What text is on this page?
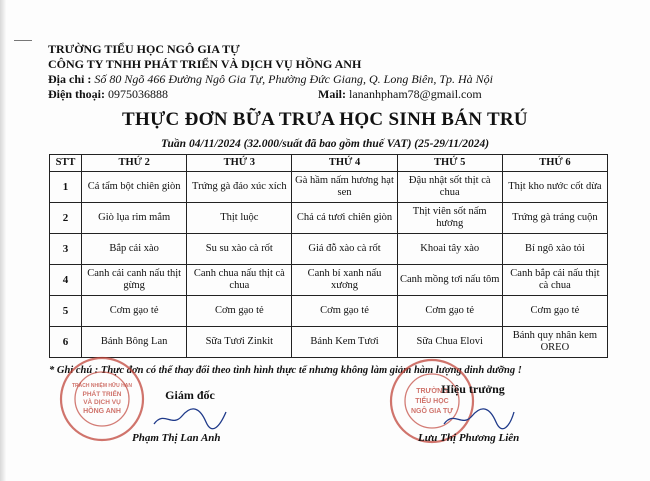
TRƯỜNG TIỂU HỌC NGÔ GIA TỰ
CÔNG TY TNHH PHÁT TRIỂN VÀ DỊCH VỤ HỒNG ANH
Địa chỉ : Số 80 Ngõ 466 Đường Ngô Gia Tự, Phường Đức Giang, Q. Long Biên, Tp. Hà Nội
Điện thoại: 0975036888	Mail: lananhpham78@gmail.com
THỰC ĐƠN BỮA TRƯA HỌC SINH BÁN TRÚ
Tuần 04/11/2024 (32.000/suất đã bao gồm thuế VAT) (25-29/11/2024)
STT	THỨ 2	THỨ 3	THỨ 4	THỨ 5	THỨ 6
1	Cá tẩm bột chiên giòn	Trứng gà đảo xúc xích	Gà hầm nấm hương hạt sen	Đậu nhật sốt thịt cà chua	Thịt kho nước cốt dừa
2	Giò lụa rim mắm	Thịt luộc	Chả cá tươi chiên giòn	Thịt viên sốt nấm hương	Trứng gà tráng cuộn
3	Bắp cải xào	Su su xào cà rốt	Giá đỗ xào cà rốt	Khoai tây xào	Bí ngô xào tỏi
4	Canh cải canh nấu thịt gừng	Canh chua nấu thịt cà chua	Canh bí xanh nấu xương	Canh mồng tơi nấu tôm	Canh bắp cải nấu thịt cà chua
5	Cơm gạo tẻ	Cơm gạo tẻ	Cơm gạo tẻ	Cơm gạo tẻ	Cơm gạo tẻ
6	Bánh Bông Lan	Sữa Tươi Zinkit	Bánh Kem Tươi	Sữa Chua Elovi	Bánh quy nhân kem OREO
* Ghi chú : Thực đơn có thể thay đổi theo tình hình thực tế nhưng không làm giảm hàm lượng dinh dưỡng !
TRÁCH NHIỆM HỮU HẠN
PHÁT TRIỂN
VÀ DỊCH VỤ
HỒNG ANH
TRƯỜNG
TIỂU HỌC
NGÔ GIA TỰ
Giám đốc
Phạm Thị Lan Anh
Hiệu trưởng
Lưu Thị Phương Liên
